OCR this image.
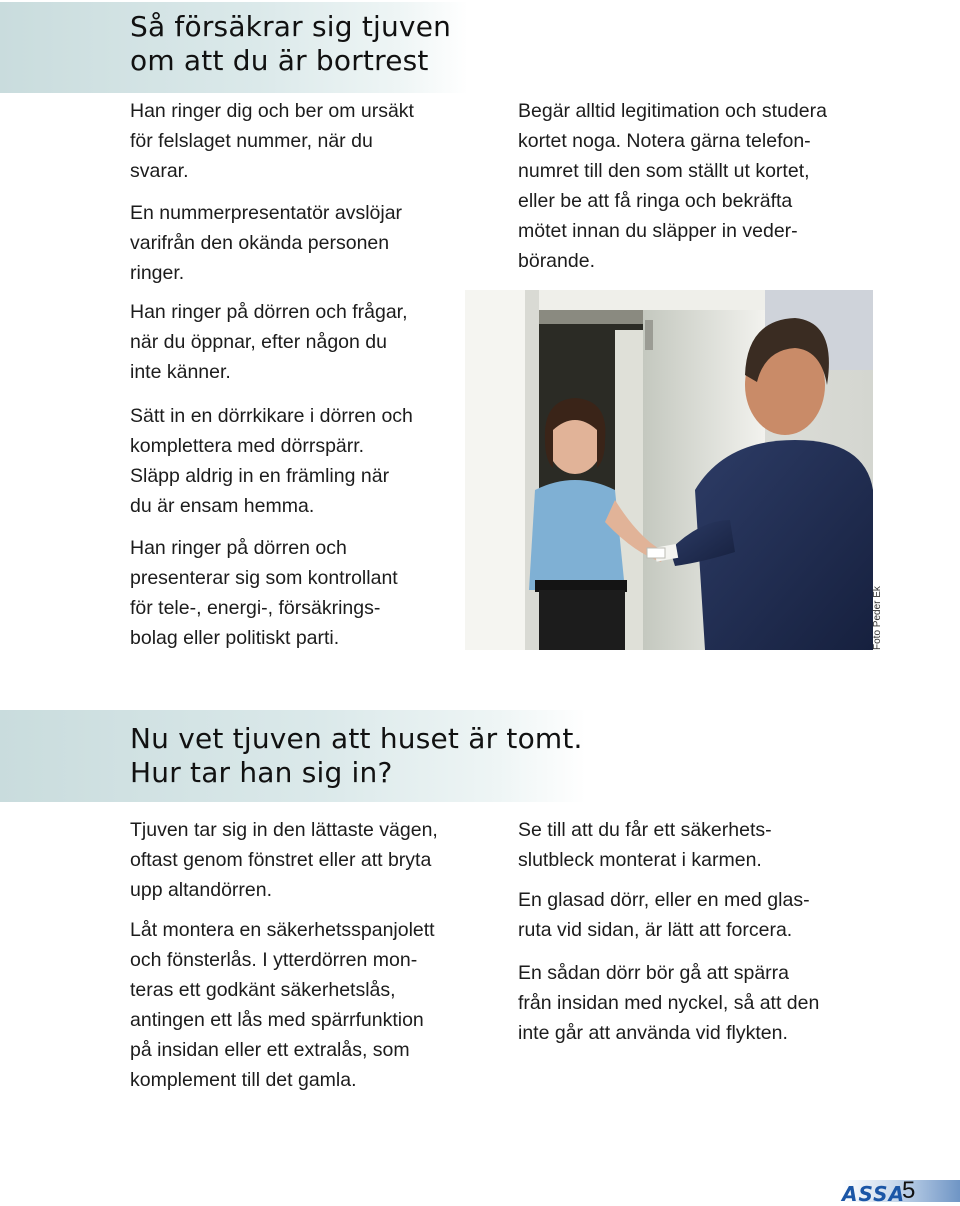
Så försäkrar sig tjuven
om att du är bortrest

Han ringer dig och ber om ursäkt
för felslaget nummer, när du
svarar.

En nummerpresentatör avslöjar
varifrån den okända personen
ringer.

Han ringer på dörren och frågar,
när du öppnar, efter någon du
inte känner.

Sätt in en dörrkikare i dörren och
komplettera med dörrspärr.
Släpp aldrig in en främling när
du är ensam hemma.

Han ringer på dörren och
presenterar sig som kontrollant
för tele-, energi-, försäkrings-
bolag eller politiskt parti.

Begär alltid legitimation och studera
kortet noga. Notera gärna telefon-
numret till den som ställt ut kortet,
eller be att få ringa och bekräfta
mötet innan du släpper in veder-
börande.

Foto Peder Ek
Nu vet tjuven att huset är tomt.
Hur tar han sig in?

Tjuven tar sig in den lättaste vägen,
oftast genom fönstret eller att bryta
upp altandörren.

Låt montera en säkerhetsspanjolett
och fönsterlås. I ytterdörren mon-
teras ett godkänt säkerhetslås,
antingen ett lås med spärrfunktion
på insidan eller ett extralås, som
komplement till det gamla.

Se till att du får ett säkerhets-
slutbleck monterat i karmen.

En glasad dörr, eller en med glas-
ruta vid sidan, är lätt att forcera.

En sådan dörr bör gå att spärra
från insidan med nyckel, så att den
inte går att använda vid flykten.

ASSA
5
